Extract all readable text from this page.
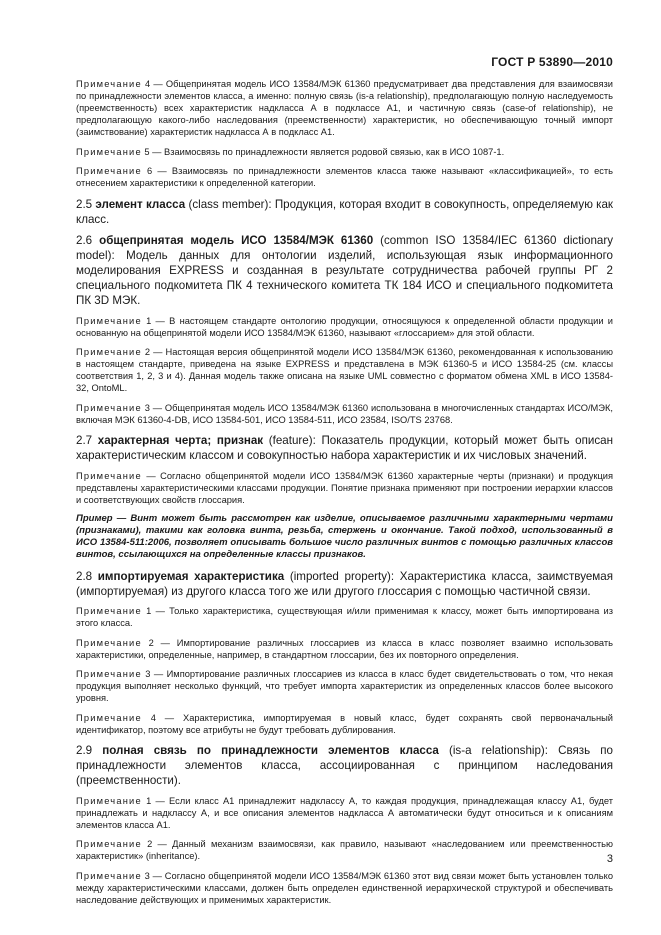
ГОСТ Р 53890—2010

Примечание 4 — Общепринятая модель ИСО 13584/МЭК 61360 предусматривает два представления для взаимосвязи по принадлежности элементов класса, а именно: полную связь (is-a relationship), предполагающую полную наследуемость (преемственность) всех характеристик надкласса А в подклассе А1, и частичную связь (case-of relationship), не предполагающую какого-либо наследования (преемственности) характеристик, но обеспечивающую точный импорт (заимствование) характеристик надкласса А в подкласс А1.

Примечание 5 — Взаимосвязь по принадлежности является родовой связью, как в ИСО 1087-1.

Примечание 6 — Взаимосвязь по принадлежности элементов класса также называют «классификацией», то есть отнесением характеристики к определенной категории.

2.5 элемент класса (class member): Продукция, которая входит в совокупность, определяемую как класс.

2.6 общепринятая модель ИСО 13584/МЭК 61360 (common ISO 13584/IEC 61360 dictionary model): Модель данных для онтологии изделий, использующая язык информационного моделирования EXPRESS и созданная в результате сотрудничества рабочей группы РГ 2 специального подкомитета ПК 4 технического комитета ТК 184 ИСО и специального подкомитета ПК 3D МЭК.

Примечание 1 — В настоящем стандарте онтологию продукции, относящуюся к определенной области продукции и основанную на общепринятой модели ИСО 13584/МЭК 61360, называют «глоссарием» для этой области.

Примечание 2 — Настоящая версия общепринятой модели ИСО 13584/МЭК 61360, рекомендованная к использованию в настоящем стандарте, приведена на языке EXPRESS и представлена в МЭК 61360-5 и ИСО 13584-25 (см. классы соответствия 1, 2, 3 и 4). Данная модель также описана на языке UML совместно с форматом обмена XML в ИСО 13584-32, OntoML.

Примечание 3 — Общепринятая модель ИСО 13584/МЭК 61360 использована в многочисленных стандартах ИСО/МЭК, включая МЭК 61360-4-DB, ИСО 13584-501, ИСО 13584-511, ИСО 23584, ISO/TS 23768.

2.7 характерная черта; признак (feature): Показатель продукции, который может быть описан характеристическим классом и совокупностью набора характеристик и их числовых значений.

Примечание — Согласно общепринятой модели ИСО 13584/МЭК 61360 характерные черты (признаки) и продукция представлены характеристическими классами продукции. Понятие признака применяют при построении иерархии классов и соответствующих свойств глоссария.

Пример — Винт может быть рассмотрен как изделие, описываемое различными характерными чертами (признаками), такими как головка винта, резьба, стержень и окончание. Такой подход, использованный в ИСО 13584-511:2006, позволяет описывать большое число различных винтов с помощью различных классов винтов, ссылающихся на определенные классы признаков.

2.8 импортируемая характеристика (imported property): Характеристика класса, заимствуемая (импортируемая) из другого класса того же или другого глоссария с помощью частичной связи.

Примечание 1 — Только характеристика, существующая и/или применимая к классу, может быть импортирована из этого класса.

Примечание 2 — Импортирование различных глоссариев из класса в класс позволяет взаимно использовать характеристики, определенные, например, в стандартном глоссарии, без их повторного определения.

Примечание 3 — Импортирование различных глоссариев из класса в класс будет свидетельствовать о том, что некая продукция выполняет несколько функций, что требует импорта характеристик из определенных классов более высокого уровня.

Примечание 4 — Характеристика, импортируемая в новый класс, будет сохранять свой первоначальный идентификатор, поэтому все атрибуты не будут требовать дублирования.

2.9 полная связь по принадлежности элементов класса (is-a relationship): Связь по принадлежности элементов класса, ассоциированная с принципом наследования (преемственности).

Примечание 1 — Если класс А1 принадлежит надклассу А, то каждая продукция, принадлежащая классу А1, будет принадлежать и надклассу А, и все описания элементов надкласса А автоматически будут относиться и к описаниям элементов класса А1.

Примечание 2 — Данный механизм взаимосвязи, как правило, называют «наследованием или преемственностью характеристик» (inheritance).

Примечание 3 — Согласно общепринятой модели ИСО 13584/МЭК 61360 этот вид связи может быть установлен только между характеристическими классами, должен быть определен единственной иерархической структурой и обеспечивать наследование действующих и применимых характеристик.

3
